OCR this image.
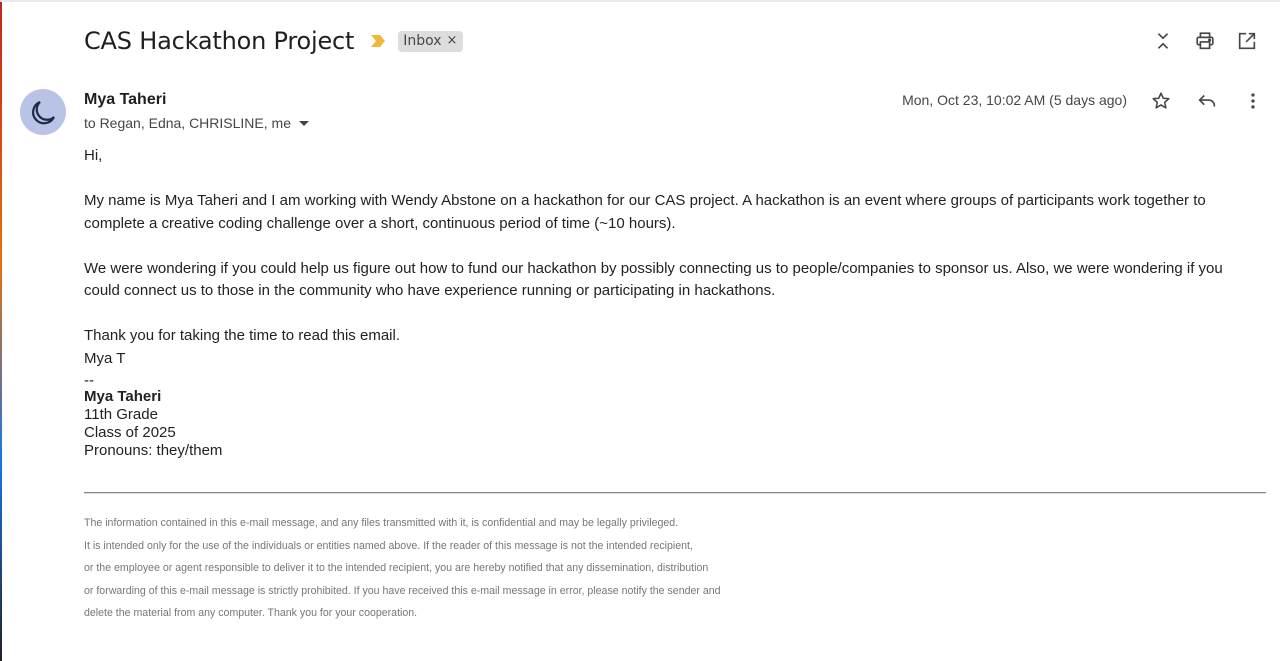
CAS Hackathon Project	Inbox ×
Mya Taheri
to Regan, Edna, CHRISLINE, me
Mon, Oct 23, 10:02 AM (5 days ago)

Hi,

My name is Mya Taheri and I am working with Wendy Abstone on a hackathon for our CAS project. A hackathon is an event where groups of participants work together to complete a creative coding challenge over a short, continuous period of time (~10 hours).

We were wondering if you could help us figure out how to fund our hackathon by possibly connecting us to people/companies to sponsor us. Also, we were wondering if you could connect us to those in the community who have experience running or participating in hackathons.

Thank you for taking the time to read this email.

Mya T

--

Mya Taheri
11th Grade
Class of 2025
Pronouns: they/them
The information contained in this e-mail message, and any files transmitted with it, is confidential and may be legally privileged.
It is intended only for the use of the individuals or entities named above. If the reader of this message is not the intended recipient,
or the employee or agent responsible to deliver it to the intended recipient, you are hereby notified that any dissemination, distribution
or forwarding of this e-mail message is strictly prohibited. If you have received this e-mail message in error, please notify the sender and
delete the material from any computer. Thank you for your cooperation.
